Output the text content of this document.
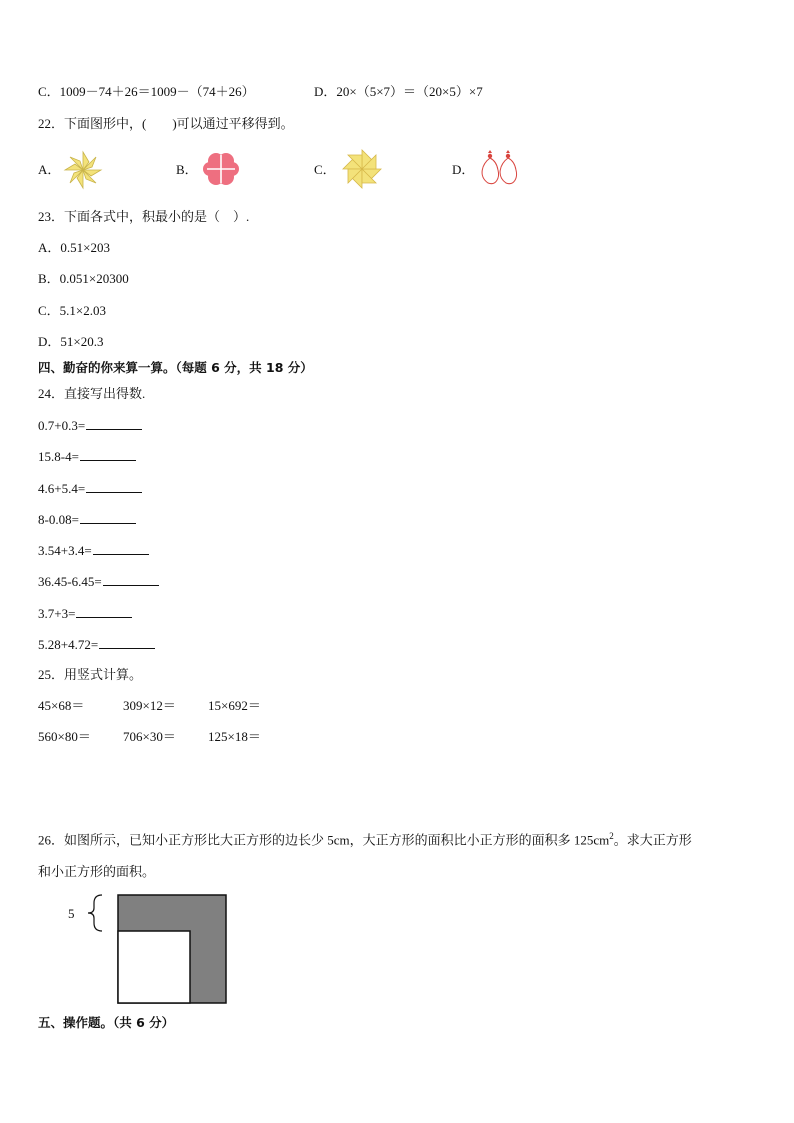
C．1009－74＋26＝1009－（74＋26）	D．20×（5×7）＝（20×5）×7
22．下面图形中，(　　)可以通过平移得到。
A．	B．	C．	D．
23．下面各式中，积最小的是（　）.
A．0.51×203
B．0.051×20300
C．5.1×2.03
D．51×20.3
四、勤奋的你来算一算。（每题 6 分，共 18 分）
24．直接写出得数.
0.7+0.3=
15.8-4=
4.6+5.4=
8-0.08=
3.54+3.4=
36.45-6.45=
3.7+3=
5.28+4.72=
25．用竖式计算。
45×68＝	309×12＝ 15×692＝
560×80＝ 706×30＝ 125×18＝
26．如图所示，已知小正方形比大正方形的边长少 5cm，大正方形的面积比小正方形的面积多 $125cm^2$。求大正方形
和小正方形的面积。
5
五、操作题。（共 6 分）
